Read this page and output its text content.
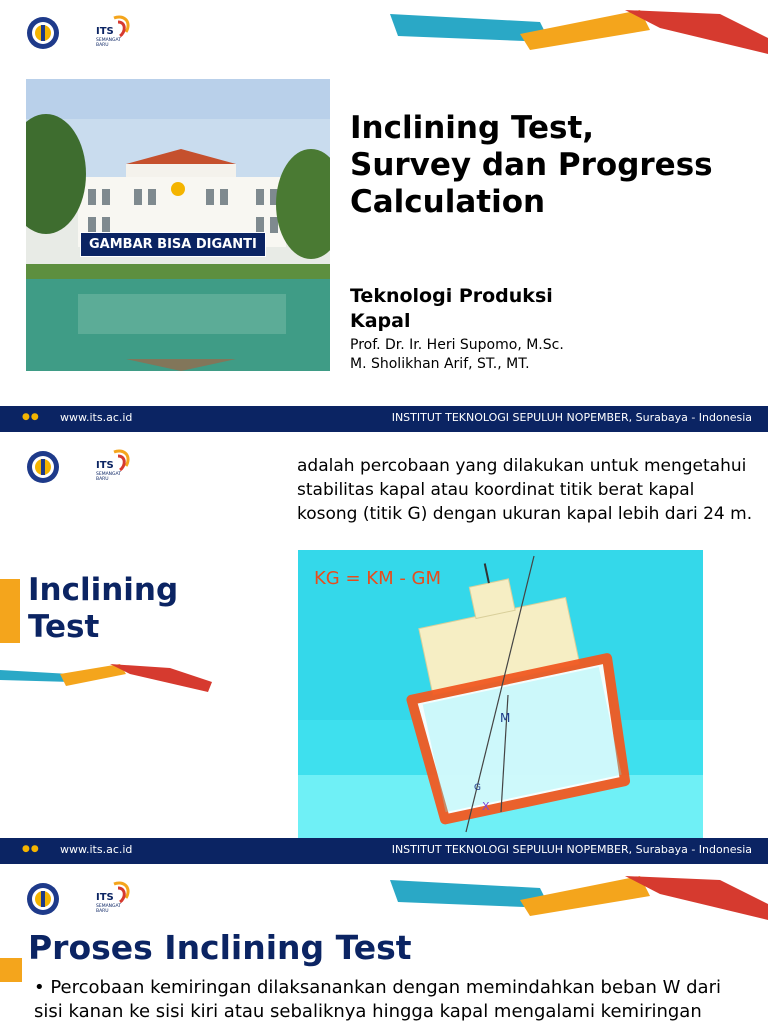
ITS
SEMANGAT
BARU
GAMBAR BISA DIGANTI
Inclining Test,
Survey dan Progress
Calculation
Teknologi Produksi
Kapal
Prof. Dr. Ir. Heri Supomo, M.Sc.
M. Sholikhan Arif, ST., MT.
●● www.its.ac.id	INSTITUT TEKNOLOGI SEPULUH NOPEMBER, Surabaya - Indonesia
ITS
SEMANGAT
BARU
adalah percobaan yang dilakukan untuk mengetahui stabilitas kapal atau koordinat titik berat kapal kosong (titik G) dengan ukuran kapal lebih dari 24 m.
Inclining
Test
KG = KM - GM
M
G
X
●● www.its.ac.id	INSTITUT TEKNOLOGI SEPULUH NOPEMBER, Surabaya - Indonesia
ITS
SEMANGAT
BARU
Proses Inclining Test
• Percobaan kemiringan dilaksanankan dengan memindahkan beban W dari sisi kanan ke sisi kiri atau sebaliknya hingga kapal mengalami kemiringan
